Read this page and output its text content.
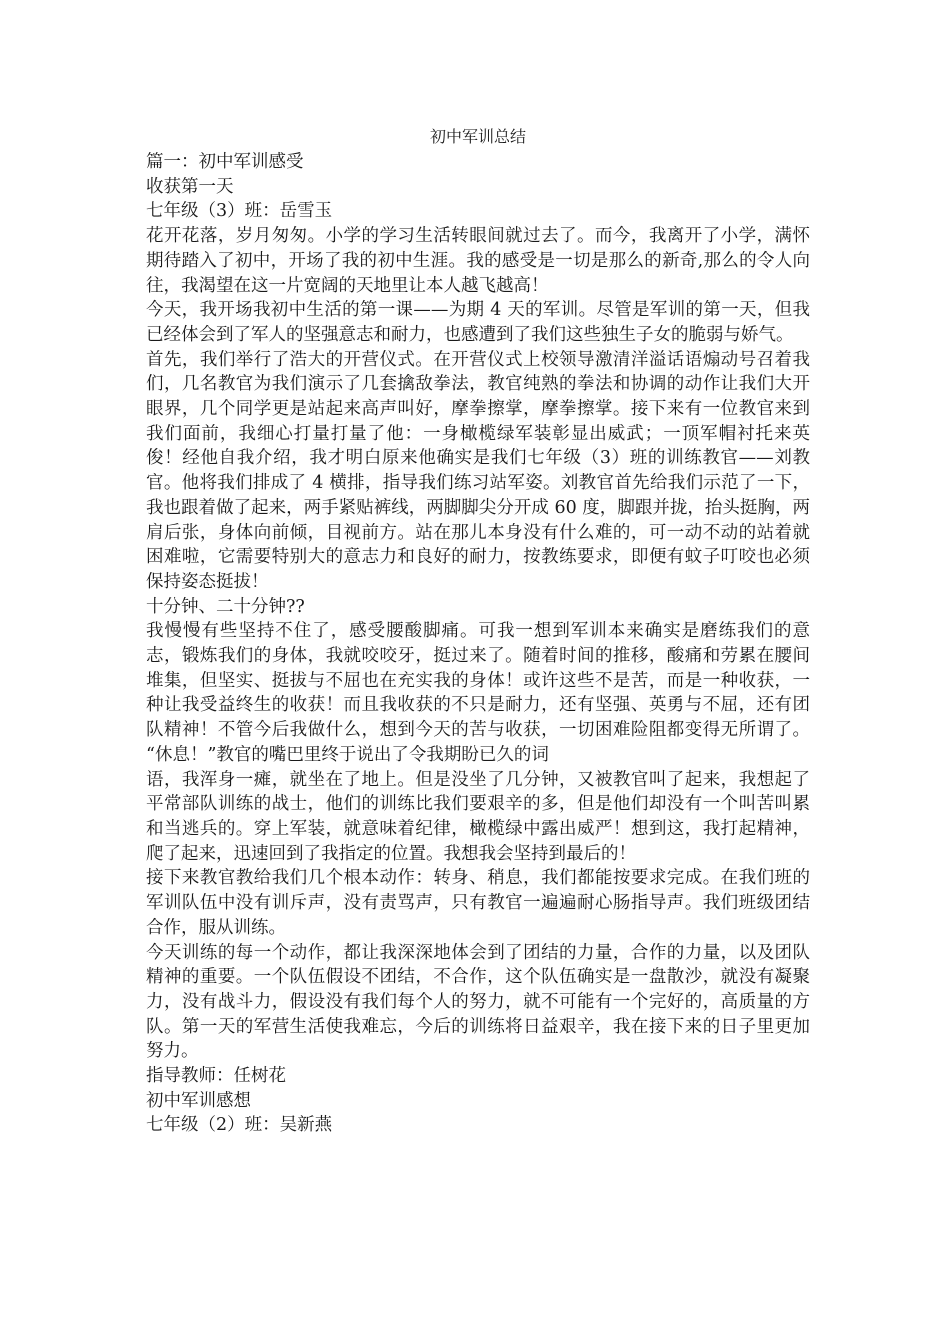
初中军训总结

篇一：初中军训感受

收获第一天

七年级（3）班：岳雪玉

花开花落，岁月匆匆。小学的学习生活转眼间就过去了。而今，我离开了小学，满怀期待踏入了初中，开场了我的初中生涯。我的感受是一切是那么的新奇,那么的令人向往，我渴望在这一片宽阔的天地里让本人越飞越高！

今天，我开场我初中生活的第一课——为期 4 天的军训。尽管是军训的第一天，但我已经体会到了军人的坚强意志和耐力，也感遭到了我们这些独生子女的脆弱与娇气。

首先，我们举行了浩大的开营仪式。在开营仪式上校领导激清洋溢话语煽动号召着我们，几名教官为我们演示了几套擒敌拳法，教官纯熟的拳法和协调的动作让我们大开眼界，几个同学更是站起来高声叫好，摩拳擦掌，摩拳擦掌。接下来有一位教官来到我们面前，我细心打量打量了他：一身橄榄绿军装彰显出威武；一顶军帽衬托来英俊！经他自我介绍，我才明白原来他确实是我们七年级（3）班的训练教官——刘教官。他将我们排成了 4 横排，指导我们练习站军姿。刘教官首先给我们示范了一下，我也跟着做了起来，两手紧贴裤线，两脚脚尖分开成 60 度，脚跟并拢，抬头挺胸，两肩后张，身体向前倾，目视前方。站在那儿本身没有什么难的，可一动不动的站着就困难啦，它需要特别大的意志力和良好的耐力，按教练要求，即便有蚊子叮咬也必须保持姿态挺拔！

十分钟、二十分钟??

我慢慢有些坚持不住了，感受腰酸脚痛。可我一想到军训本来确实是磨练我们的意志，锻炼我们的身体，我就咬咬牙，挺过来了。随着时间的推移，酸痛和劳累在腰间堆集，但坚实、挺拔与不屈也在充实我的身体！或许这些不是苦，而是一种收获，一种让我受益终生的收获！而且我收获的不只是耐力，还有坚强、英勇与不屈，还有团队精神！不管今后我做什么，想到今天的苦与收获，一切困难险阻都变得无所谓了。 “休息！”教官的嘴巴里终于说出了令我期盼已久的词

语，我浑身一瘫，就坐在了地上。但是没坐了几分钟，又被教官叫了起来，我想起了平常部队训练的战士，他们的训练比我们要艰辛的多，但是他们却没有一个叫苦叫累和当逃兵的。穿上军装，就意味着纪律，橄榄绿中露出威严！想到这，我打起精神，爬了起来，迅速回到了我指定的位置。我想我会坚持到最后的！

接下来教官教给我们几个根本动作：转身、稍息，我们都能按要求完成。在我们班的军训队伍中没有训斥声，没有责骂声，只有教官一遍遍耐心肠指导声。我们班级团结合作，服从训练。

今天训练的每一个动作，都让我深深地体会到了团结的力量，合作的力量，以及团队精神的重要。一个队伍假设不团结，不合作，这个队伍确实是一盘散沙，就没有凝聚力，没有战斗力，假设没有我们每个人的努力，就不可能有一个完好的，高质量的方队。第一天的军营生活使我难忘，今后的训练将日益艰辛，我在接下来的日子里更加努力。

指导教师：任树花

初中军训感想

七年级（2）班：吴新燕
